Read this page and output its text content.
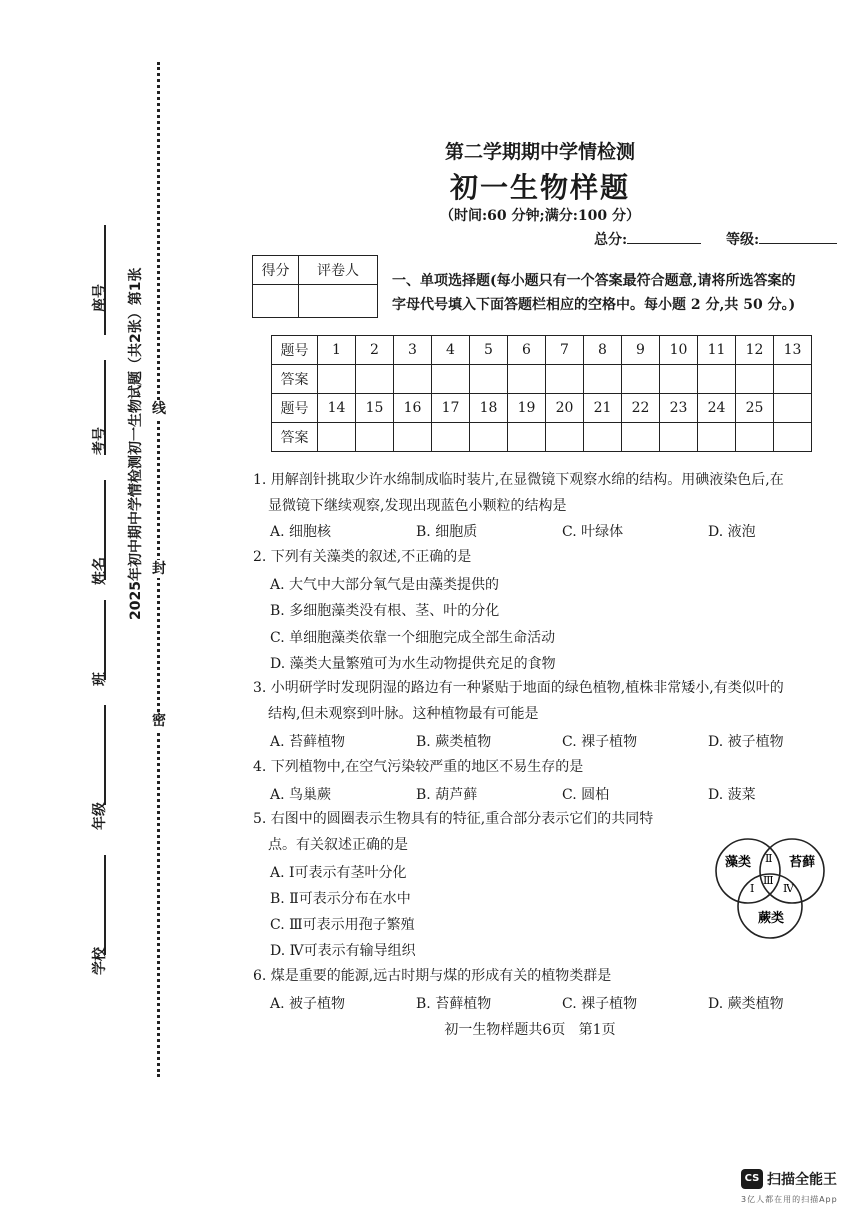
线
封
密
2025年初中期中学情检测初一生物试题（共2张）第1张
座号
考号
姓名
班
年级
学校
第二学期期中学情检测
初一生物样题
（时间:60 分钟;满分:100 分）
总分:	等级:
得分	评卷人

一、单项选择题(每小题只有一个答案最符合题意,请将所选答案的
字母代号填入下面答题栏相应的空格中。每小题 2 分,共 50 分。)
题号	1	2	3	4	5	6	7	8	9	10	11	12	13
答案													
题号	14	15	16	17	18	19	20	21	22	23	24	25	
答案													
1. 用解剖针挑取少许水绵制成临时装片,在显微镜下观察水绵的结构。用碘液染色后,在
显微镜下继续观察,发现出现蓝色小颗粒的结构是
A. 细胞核	B. 细胞质	C. 叶绿体	D. 液泡
2. 下列有关藻类的叙述,不正确的是
A. 大气中大部分氧气是由藻类提供的
B. 多细胞藻类没有根、茎、叶的分化
C. 单细胞藻类依靠一个细胞完成全部生命活动
D. 藻类大量繁殖可为水生动物提供充足的食物
3. 小明研学时发现阴湿的路边有一种紧贴于地面的绿色植物,植株非常矮小,有类似叶的
结构,但未观察到叶脉。这种植物最有可能是
A. 苔藓植物	B. 蕨类植物	C. 裸子植物	D. 被子植物
4. 下列植物中,在空气污染较严重的地区不易生存的是
A. 鸟巢蕨	B. 葫芦藓	C. 圆柏	D. 菠菜
5. 右图中的圆圈表示生物具有的特征,重合部分表示它们的共同特
点。有关叙述正确的是
A. Ⅰ可表示有茎叶分化
B. Ⅱ可表示分布在水中
C. Ⅲ可表示用孢子繁殖
D. Ⅳ可表示有输导组织
藻类	苔藓
蕨类
Ⅰ
Ⅱ
Ⅲ
Ⅳ
6. 煤是重要的能源,远古时期与煤的形成有关的植物类群是
A. 被子植物	B. 苔藓植物	C. 裸子植物	D. 蕨类植物
初一生物样题共6页   第1页
CS 扫描全能王
3亿人都在用的扫描App
